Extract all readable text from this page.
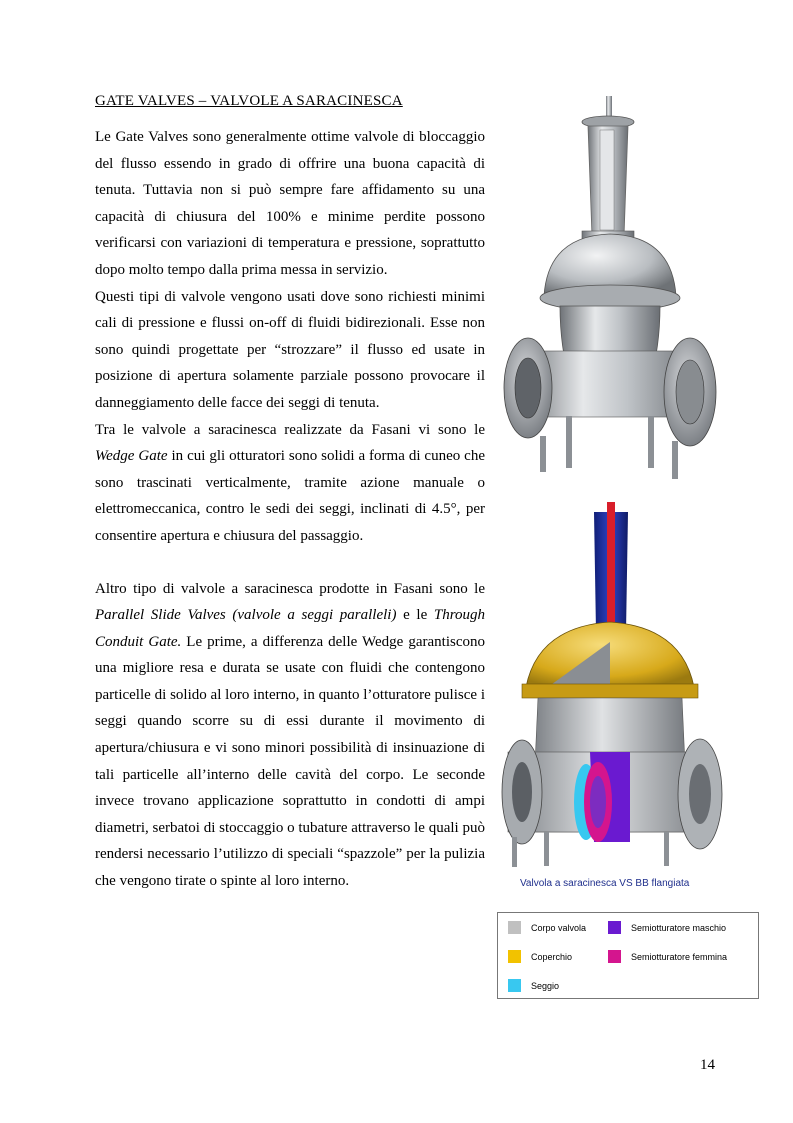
GATE VALVES – VALVOLE A SARACINESCA

Le Gate Valves sono generalmente ottime valvole di bloccaggio del flusso essendo in grado di offrire una buona capacità di tenuta. Tuttavia non si può sempre fare affidamento su una capacità di chiusura del 100% e minime perdite possono verificarsi con variazioni di temperatura e pressione, soprattutto dopo molto tempo dalla prima messa in servizio.

Questi tipi di valvole vengono usati dove sono richiesti minimi cali di pressione e flussi on-off di fluidi bidirezionali. Esse non sono quindi progettate per “strozzare” il flusso ed usate in posizione di apertura solamente parziale possono provocare il danneggiamento delle facce dei seggi di tenuta.

Tra le valvole a saracinesca realizzate da Fasani vi sono le Wedge Gate in cui gli otturatori sono solidi a forma di cuneo che sono trascinati verticalmente, tramite azione manuale o elettromeccanica, contro le sedi dei seggi, inclinati di 4.5°, per consentire apertura e chiusura del passaggio.

Altro tipo di valvole a saracinesca prodotte in Fasani sono le Parallel Slide Valves (valvole a seggi paralleli) e le Through Conduit Gate. Le prime, a differenza delle Wedge garantiscono una migliore resa e durata se usate con fluidi che contengono particelle di solido al loro interno, in quanto l’otturatore pulisce i seggi quando scorre su di essi durante il movimento di apertura/chiusura e vi sono minori possibilità di insinuazione di tali particelle all’interno delle cavità del corpo. Le seconde invece trovano applicazione soprattutto in condotti di ampi diametri, serbatoi di stoccaggio o tubature attraverso le quali può rendersi necessario l’utilizzo di speciali “spazzole” per la pulizia che vengono tirate o spinte al loro interno.	Valvola a saracinesca VS BB flangiata
Corpo valvola	Semiotturatore maschio
Coperchio	Semiotturatore femmina
Seggio
14
